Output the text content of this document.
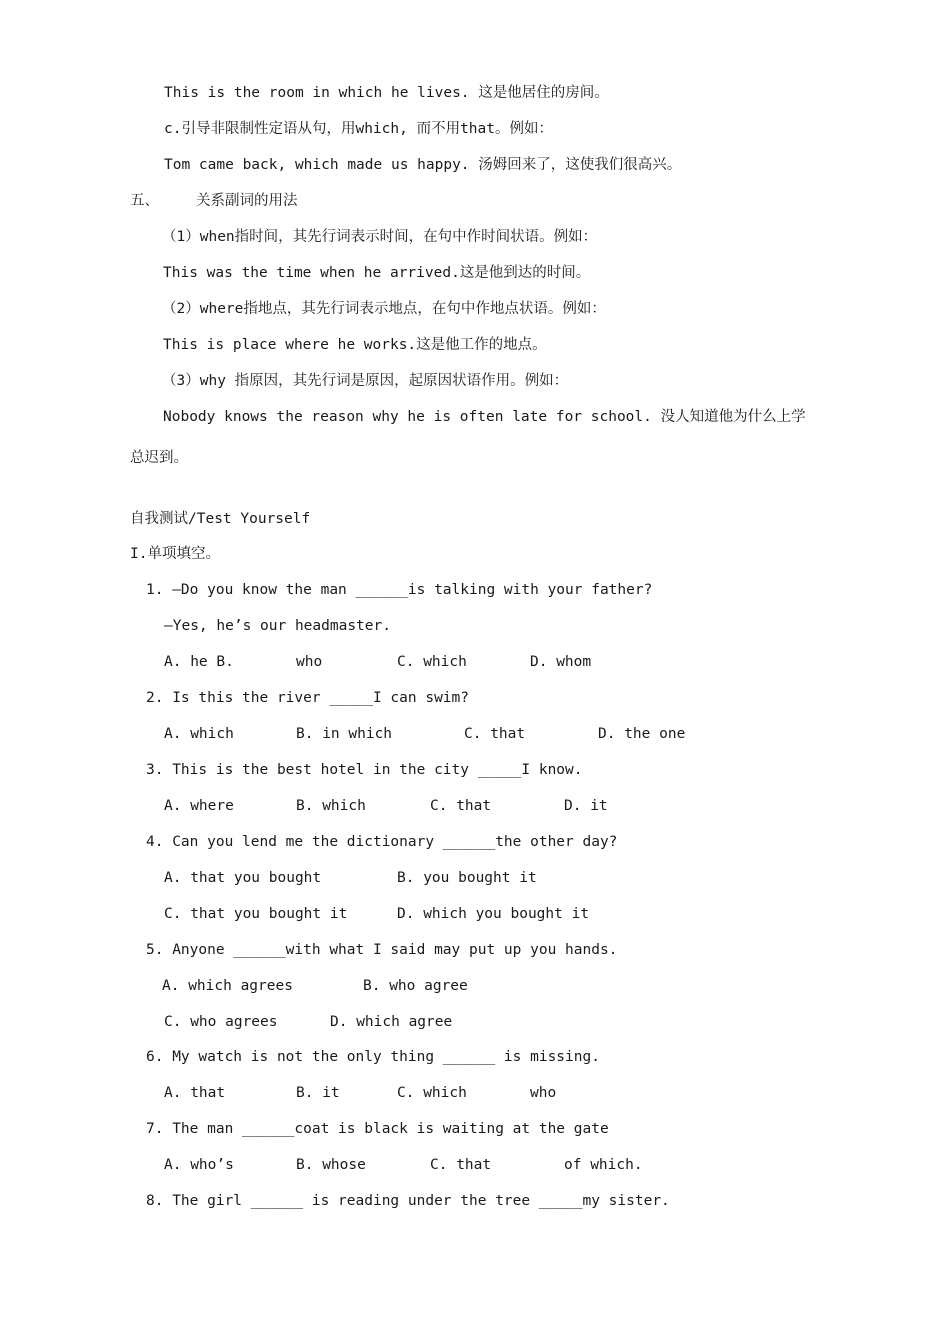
This is the room in which he lives. 这是他居住的房间。
c.引导非限制性定语从句，用which, 而不用that。例如：
Tom came back, which made us happy. 汤姆回来了，这使我们很高兴。
五、	关系副词的用法
（1）when指时间，其先行词表示时间，在句中作时间状语。例如：
This was the time when he arrived.这是他到达的时间。
（2）where指地点，其先行词表示地点，在句中作地点状语。例如：
This is place where he works.这是他工作的地点。
（3）why 指原因，其先行词是原因，起原因状语作用。例如：
Nobody knows the reason why he is often late for school. 没人知道他为什么上学
总迟到。
自我测试/Test Yourself
I.单项填空。
1. —Do you know the man ______is talking with your father?
—Yes, he’s our headmaster.
A. he B.	who	C. which	D. whom
2. Is this the river _____I can swim?
A. which	B. in which	C. that	D. the one
3. This is the best hotel in the city _____I know.
A. where	B. which	C. that	D. it
4. Can you lend me the dictionary ______the other day?
A. that you bought	B. you bought it
C. that you bought it	D. which you bought it
5. Anyone ______with what I said may put up you hands.
A. which agrees	B. who agree
C. who agrees	D. which agree
6. My watch is not the only thing ______ is missing.
A. that	B. it	C. which	who
7. The man ______coat is black is waiting at the gate
A. who’s	B. whose	C. that	of which.
8. The girl ______ is reading under the tree _____my sister.
